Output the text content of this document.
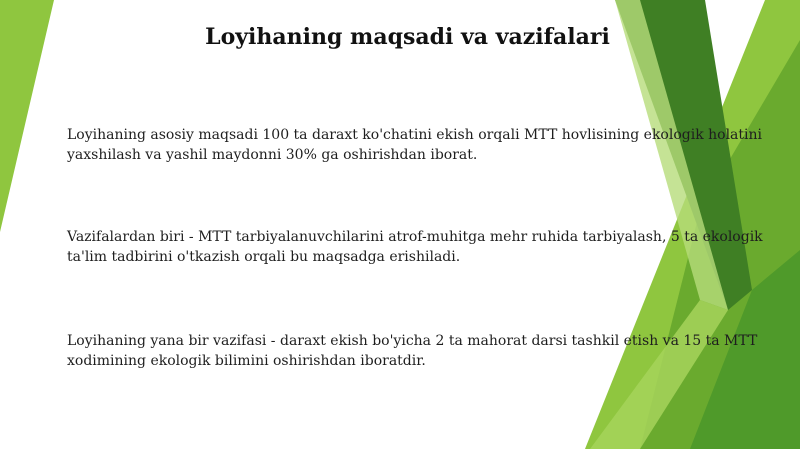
Loyihaning maqsadi va vazifalari

Loyihaning asosiy maqsadi 100 ta daraxt ko'chatini ekish orqali MTT hovlisining ekologik holatini yaxshilash va yashil maydonni 30% ga oshirishdan iborat.

Vazifalardan biri - MTT tarbiyalanuvchilarini atrof-muhitga mehr ruhida tarbiyalash, 5 ta ekologik ta'lim tadbirini o'tkazish orqali bu maqsadga erishiladi.

Loyihaning yana bir vazifasi - daraxt ekish bo'yicha 2 ta mahorat darsi tashkil etish va 15 ta MTT xodimining ekologik bilimini oshirishdan iboratdir.
